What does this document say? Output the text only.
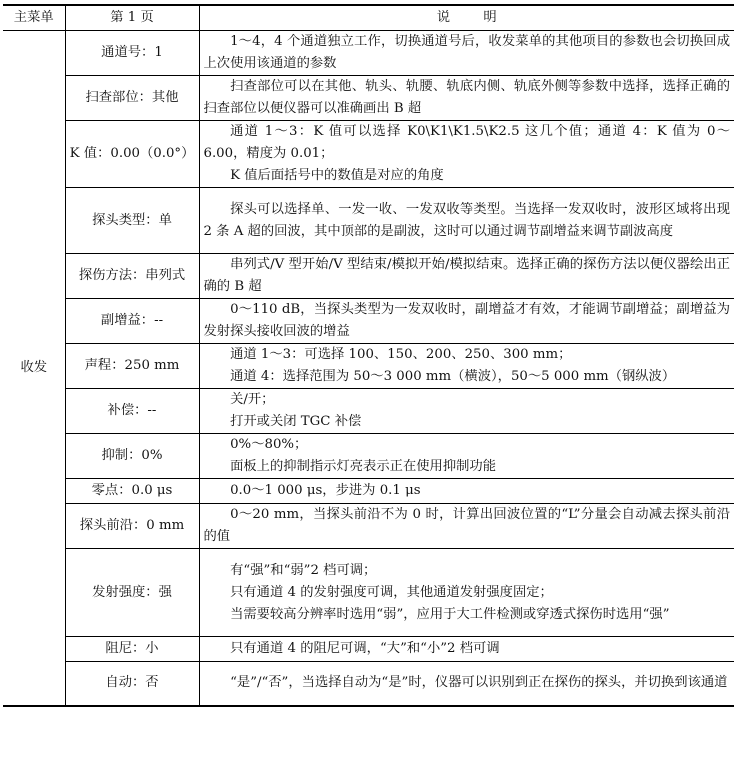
主菜单	第 1 页	说　明
收发	通道号：1	1～4，4 个通道独立工作，切换通道号后，收发菜单的其他项目的参数也会切换回成上次使用该通道的参数

	扫查部位：其他	扫查部位可以在其他、轨头、轨腰、轨底内侧、轨底外侧等参数中选择，选择正确的扫查部位以便仪器可以准确画出 B 超

	K 值：0.00（0.0°）	通道 1～3：K 值可以选择 K0\K1\K1.5\K2.5 这几个值；通道 4：K 值为 0～6.00，精度为 0.01；
K 值后面括号中的数值是对应的角度

	探头类型：单	探头可以选择单、一发一收、一发双收等类型。当选择一发双收时，波形区域将出现 2 条 A 超的回波，其中顶部的是副波，这时可以通过调节副增益来调节副波高度

	探伤方法：串列式	串列式/V 型开始/V 型结束/模拟开始/模拟结束。选择正确的探伤方法以便仪器绘出正确的 B 超

	副增益：--	0～110 dB，当探头类型为一发双收时，副增益才有效，才能调节副增益；副增益为发射探头接收回波的增益

	声程：250 mm	通道 1～3：可选择 100、150、200、250、300 mm；
通道 4：选择范围为 50～3 000 mm（横波），50～5 000 mm（钢纵波）

	补偿：--	关/开；
打开或关闭 TGC 补偿

	抑制：0%	0%～80%；
面板上的抑制指示灯亮表示正在使用抑制功能

	零点：0.0 μs	0.0～1 000 μs，步进为 0.1 μs

	探头前沿：0 mm	0～20 mm，当探头前沿不为 0 时，计算出回波位置的“L”分量会自动减去探头前沿的值

	发射强度：强	有“强”和“弱”2 档可调；
只有通道 4 的发射强度可调，其他通道发射强度固定；
当需要较高分辨率时选用“弱”，应用于大工件检测或穿透式探伤时选用“强”

	阻尼：小	只有通道 4 的阻尼可调，“大”和“小”2 档可调

	自动：否	“是”/“否”，当选择自动为“是”时，仪器可以识别到正在探伤的探头，并切换到该通道
